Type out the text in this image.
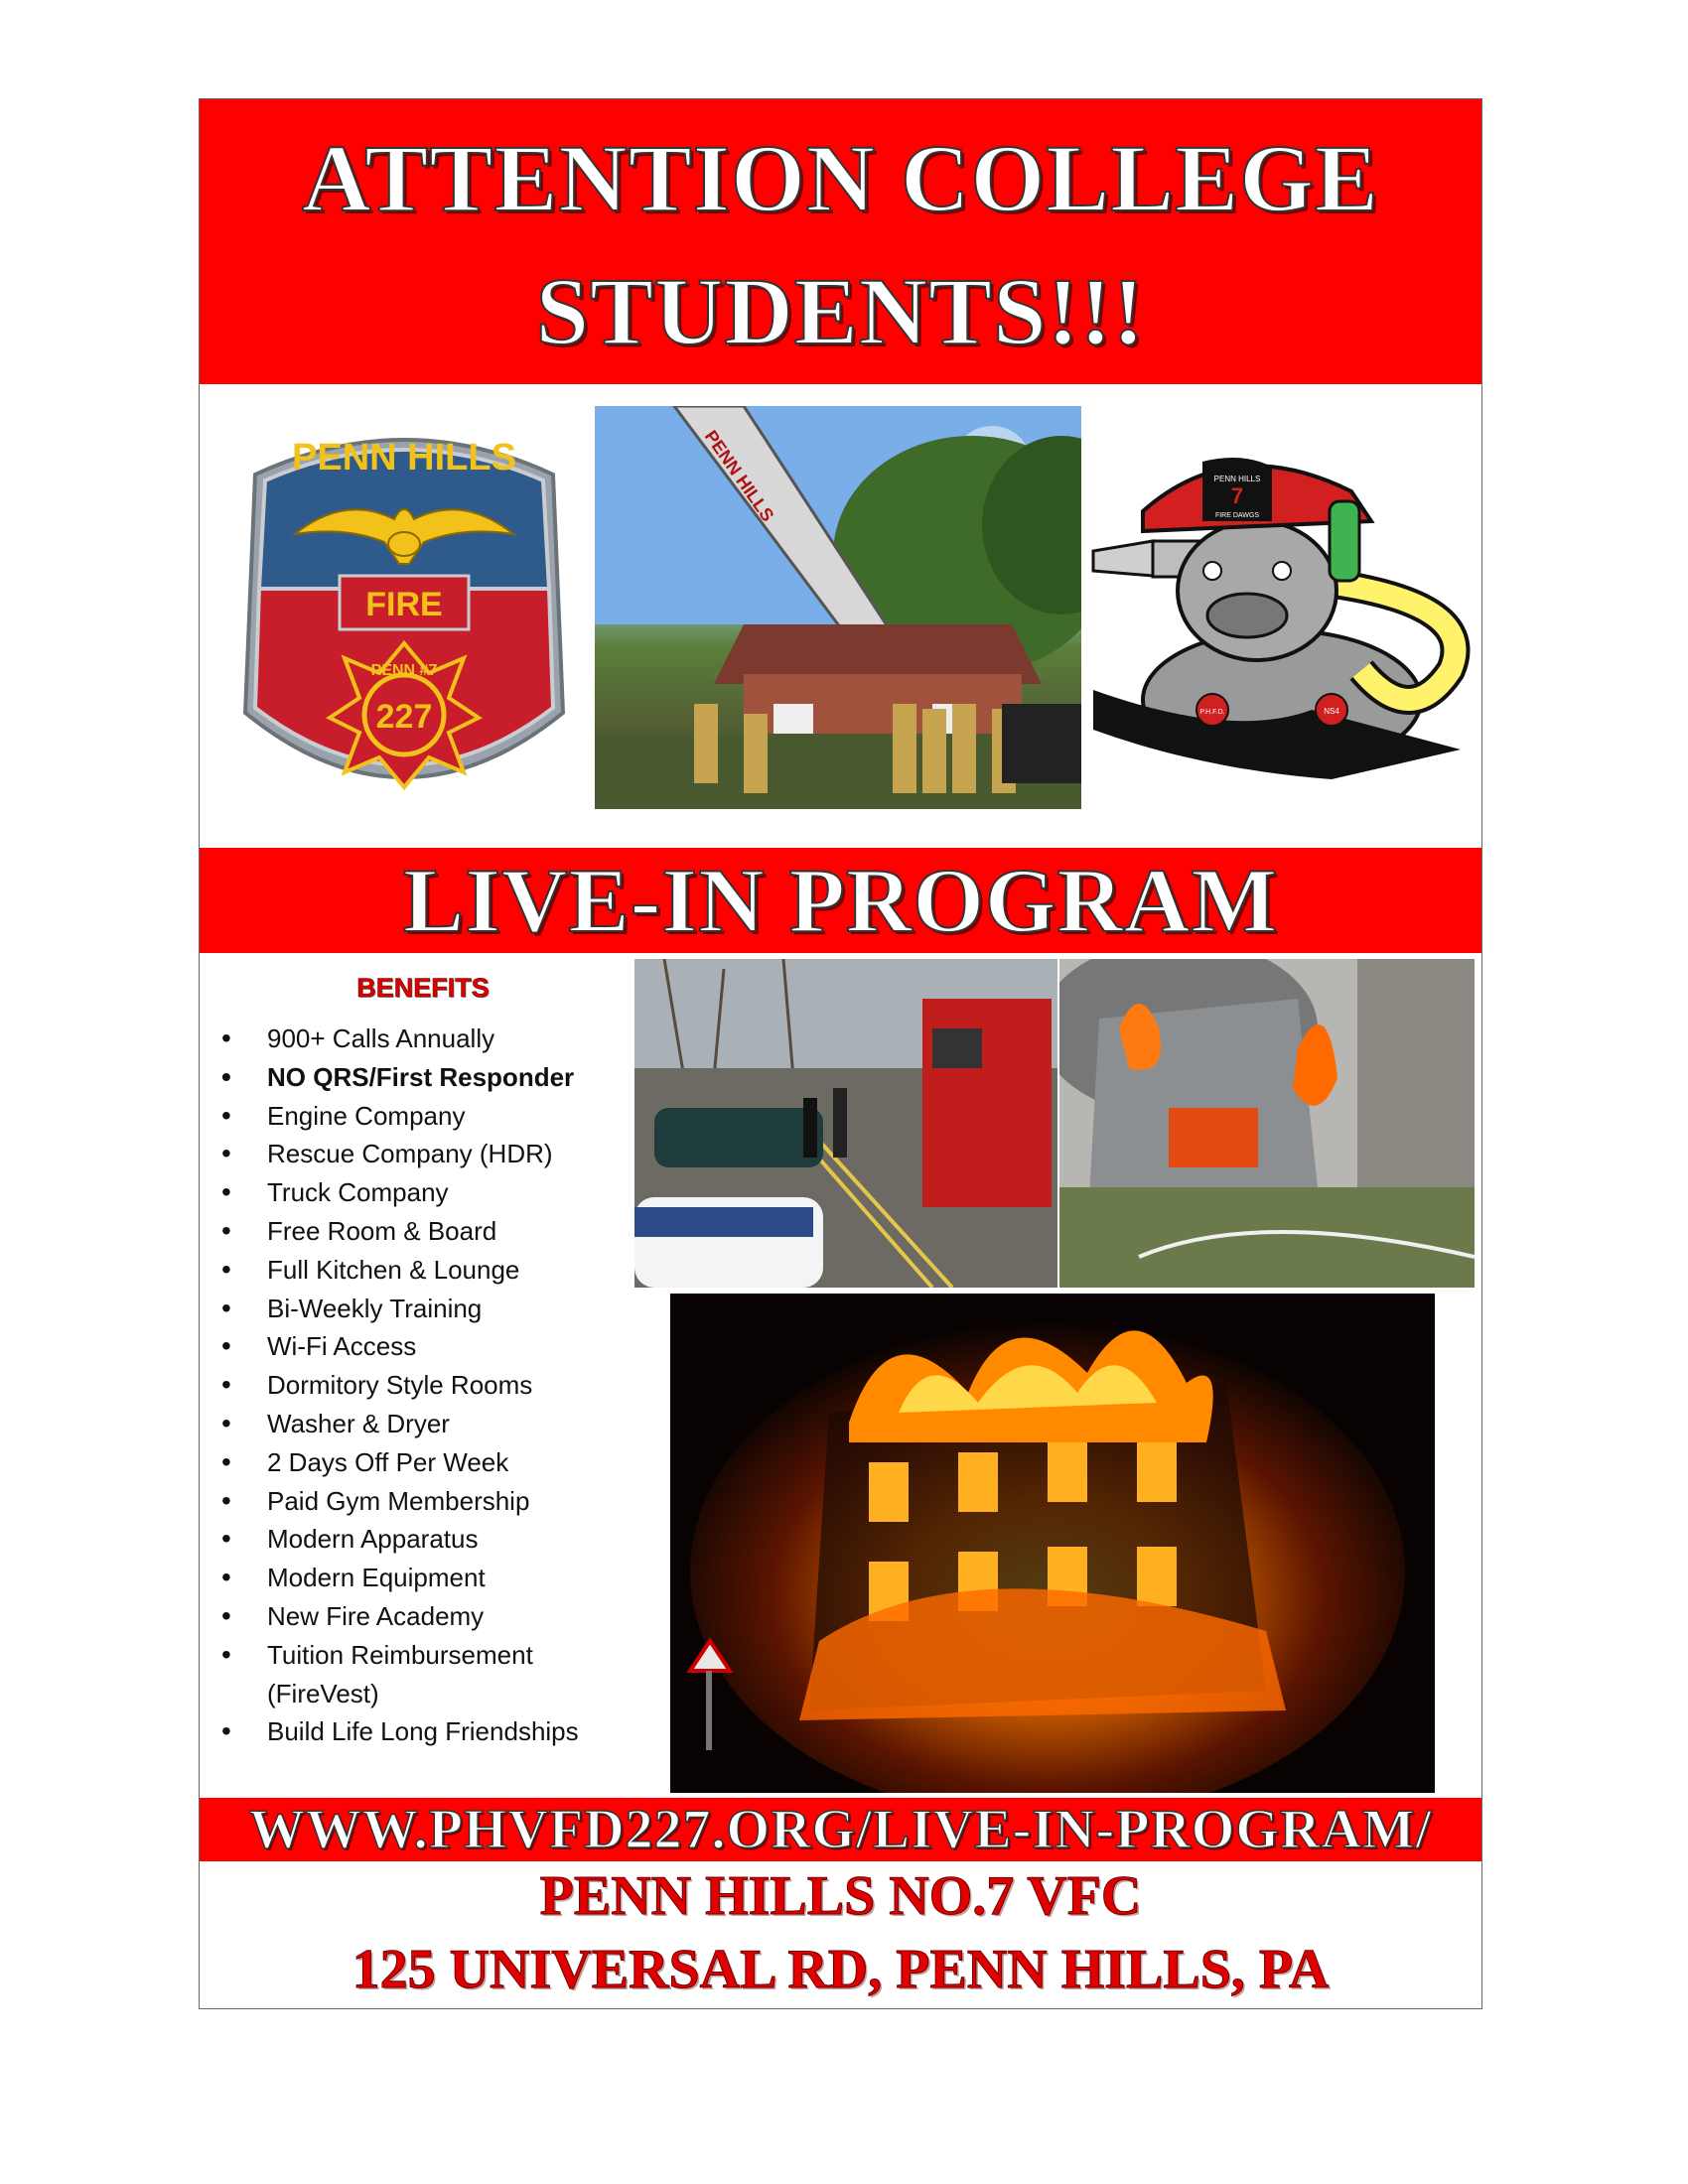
ATTENTION COLLEGE
STUDENTS!!!
PENN HILLS
FIRE
PENN #7
227
PENN HILLS	PENN HILLS
7
FIRE DAWGS
P.H.F.D.	NS4
LIVE-IN PROGRAM
BENEFITS
• 900+ Calls Annually
• NO QRS/First Responder
• Engine Company
• Rescue Company (HDR)
• Truck Company
• Free Room & Board
• Full Kitchen & Lounge
• Bi-Weekly Training
• Wi-Fi Access
• Dormitory Style Rooms
• Washer & Dryer
• 2 Days Off Per Week
• Paid Gym Membership
• Modern Apparatus
• Modern Equipment
• New Fire Academy
• Tuition Reimbursement
(FireVest)
• Build Life Long Friendships
WWW.PHVFD227.ORG/LIVE-IN-PROGRAM/
PENN HILLS NO.7 VFC
125 UNIVERSAL RD, PENN HILLS, PA
